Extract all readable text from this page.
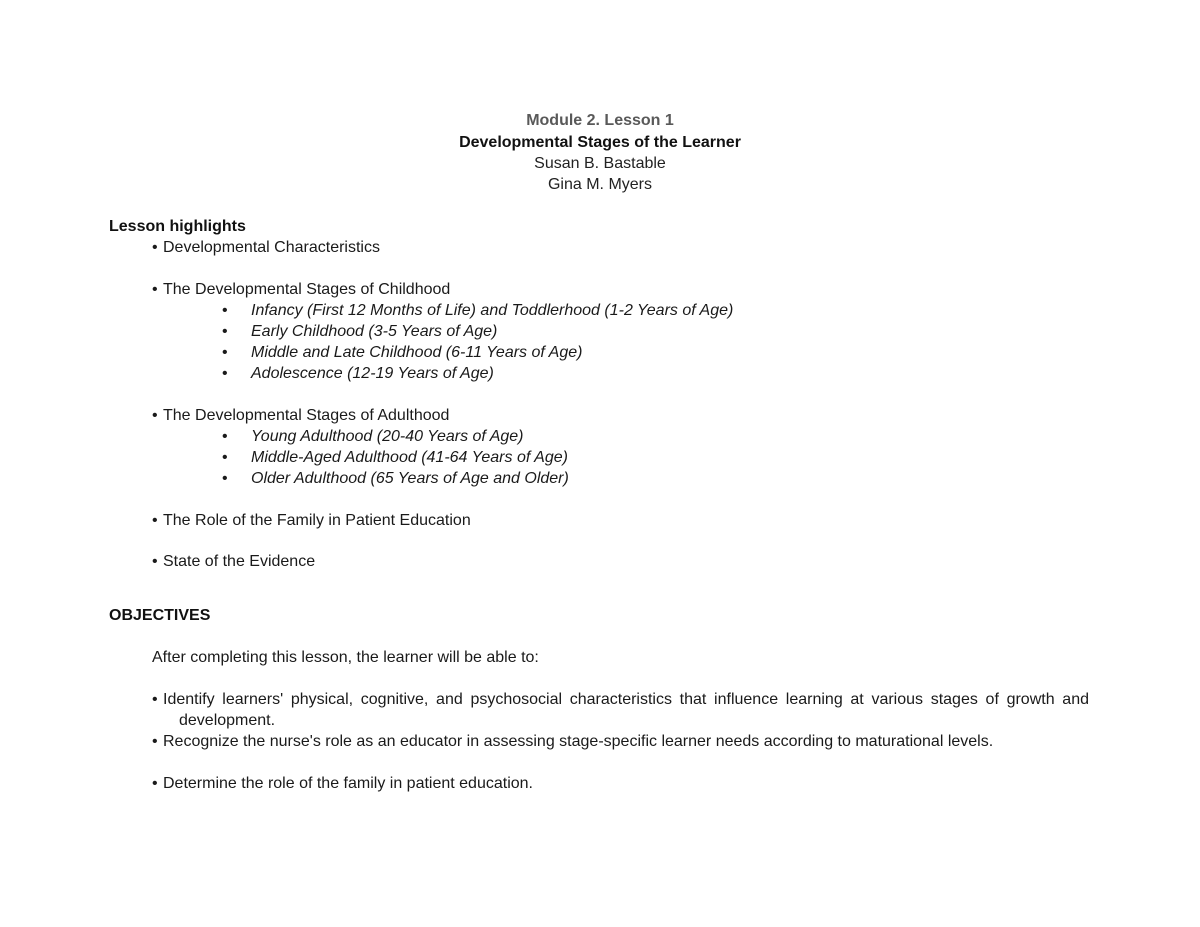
Module 2. Lesson 1
Developmental Stages of the Learner
Susan B. Bastable
Gina M. Myers
Lesson highlights
• Developmental Characteristics
• The Developmental Stages of Childhood
• Infancy (First 12 Months of Life) and Toddlerhood (1-2 Years of Age)
• Early Childhood (3-5 Years of Age)
• Middle and Late Childhood (6-11 Years of Age)
• Adolescence (12-19 Years of Age)
• The Developmental Stages of Adulthood
• Young Adulthood (20-40 Years of Age)
• Middle-Aged Adulthood (41-64 Years of Age)
• Older Adulthood (65 Years of Age and Older)
• The Role of the Family in Patient Education
• State of the Evidence
OBJECTIVES
After completing this lesson, the learner will be able to:
• Identify learners' physical, cognitive, and psychosocial characteristics that influence learning at various stages of growth and development.
• Recognize the nurse's role as an educator in assessing stage-specific learner needs according to maturational levels.
• Determine the role of the family in patient education.
